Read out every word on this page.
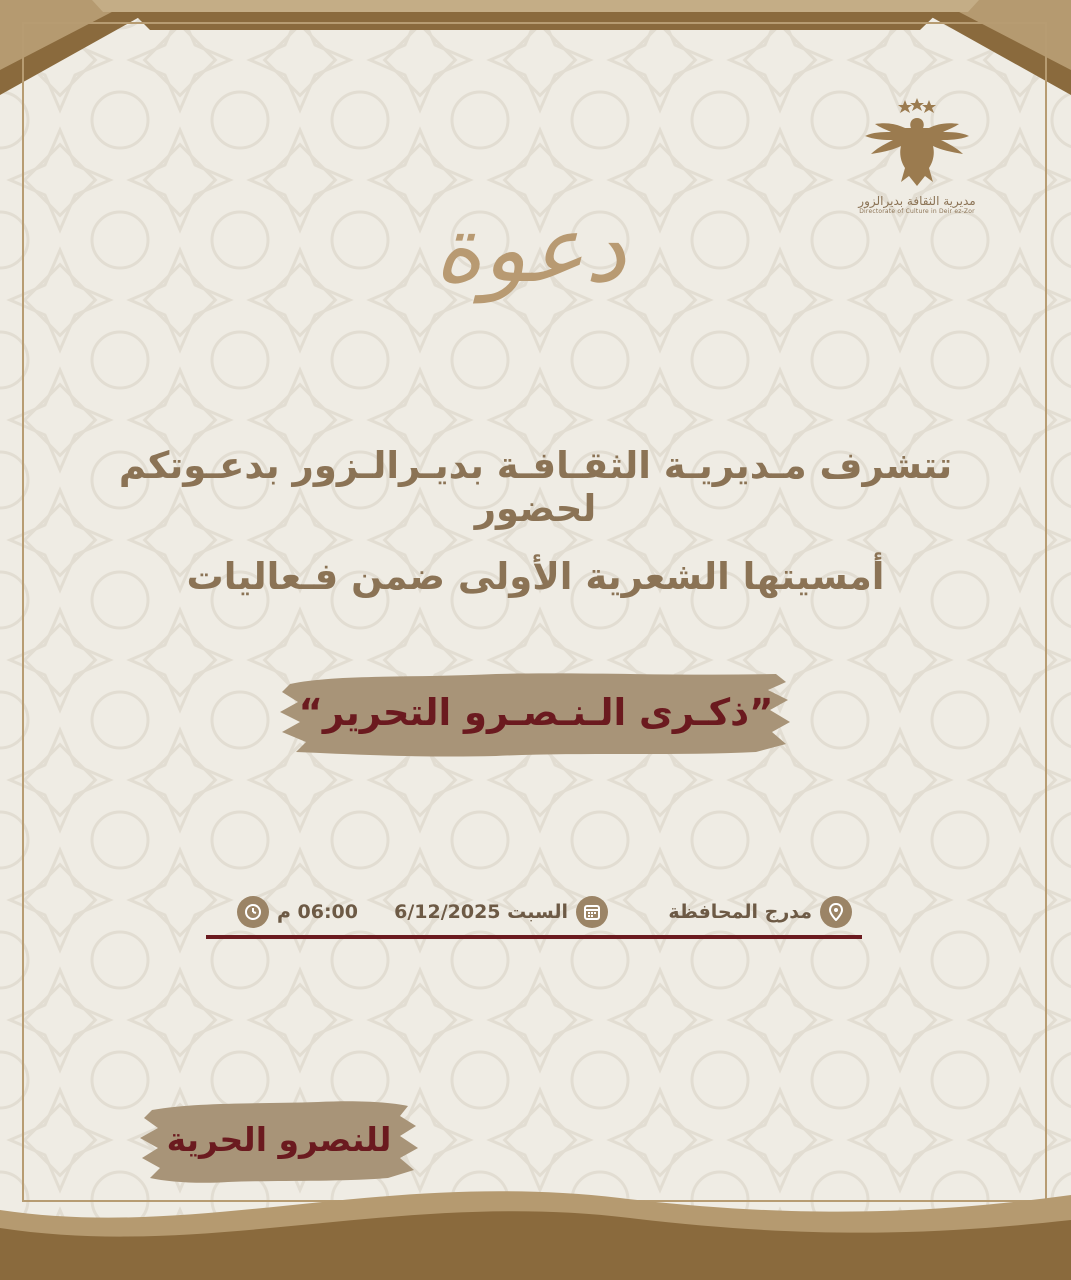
مديرية الثقافة بديرالزور
Directorate of Culture in Deir ez-Zor
دعوة
تتشرف مـديريـة الثقـافـة بديـرالـزور بدعـوتكم لحضور
أمسيتها الشعرية الأولى ضمن فـعاليات
”ذكـرى الـنـصـرو التحرير“
مدرج المحافظة
السبت 6/12/2025
06:00 م
للنصرو الحرية
